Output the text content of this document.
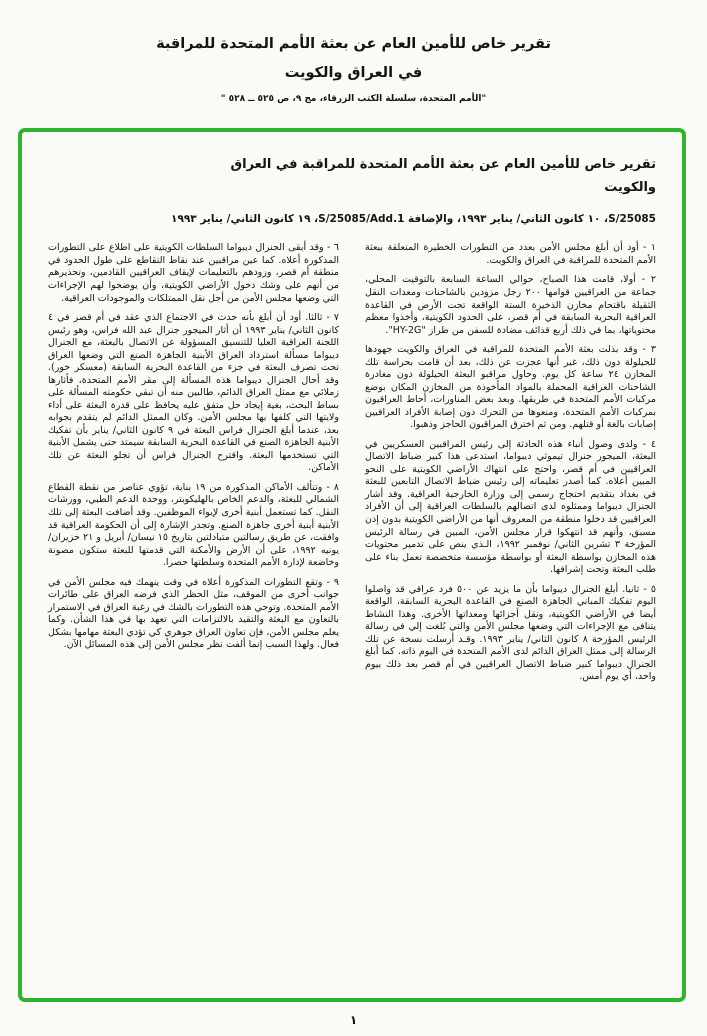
تقرير خاص للأمين العام عن بعثة الأمم المتحدة للمراقبة
في العراق والكويت
"الأمم المتحدة، سلسلة الكتب الزرقاء، مج ٩، ص ٥٢٥ ــ ٥٢٨ "
تقرير خاص للأمين العام عن بعثة الأمم المتحدة للمراقبة في العراق
والكويت
S/25085، ١٠ كانون الثاني/ يناير ١٩٩٣، والإضافة S/25085/Add.1، ١٩ كانون الثاني/ يناير ١٩٩٣

١ - أود أن أبلغ مجلس الأمن بعدد من التطورات الخطيرة المتعلقة ببعثة الأمم المتحدة للمراقبة في العراق والكويت.

٢ - أولا، قامت هذا الصباح، حوالي الساعة السابعة بالتوقيت المحلي، جماعة من العراقيين قوامها ٢٠٠ رجل مزودين بالشاحنات ومعدات النقل الثقيلة باقتحام مخازن الذخيرة الستة الواقعة تحت الأرض في القاعدة العراقية البحرية السابقة في أم قصر، على الحدود الكويتية، وأخذوا معظم محتوياتها، بما في ذلك أربع قذائف مضادة للسفن من طراز "HY-2G".

٣ - وقد بذلت بعثة الأمم المتحدة للمراقبة في العراق والكويت جهودها للحيلولة دون ذلك، غير أنها عجزت عن ذلك، بعد أن قامت بحراسة تلك المخازن ٢٤ ساعة كل يوم. وحاول مراقبو البعثة الحيلولة دون مغادرة الشاحنات العراقية المحملة بالمواد المأخوذة من المخازن المكان بوضع مركبات الأمم المتحدة في طريقها. وبعد بعض المناورات، أحاط العراقيون بمركبات الأمم المتحدة، ومنعوها من التحرك دون إصابة الأفراد العراقيين إصابات بالغة أو قتلهم. ومن ثم اخترق المراقبون الحاجز وذهبوا.

٤ - ولدى وصول أنباء هذه الحادثة إلى رئيس المراقبين العسكريين في البعثة، الميجور جنرال تيموثي ديبواما، استدعى هذا كبير ضباط الاتصال العراقيين في أم قصر، واحتج على انتهاك الأراضي الكويتية على النحو المبين أعلاه. كما أصدر تعليماته إلى رئيس ضباط الاتصال التابعين للبعثة في بغداد بتقديم احتجاج رسمي إلى وزارة الخارجية العراقية. وقد أشار الجنرال ديبواما وممثلوه لدى اتصالهم بالسلطات العراقية إلى أن الأفراد العراقيين قد دخلوا منطقة من المعروف أنها من الأراضي الكويتية بدون إذن مسبق، وأنهم قد انتهكوا قرار مجلس الأمن، المبين في رسالة الرئيس المؤرخة ٣ تشرين الثاني/ نوفمبر ١٩٩٢، الـذي ينص على تدمير محتويات هذه المخازن بواسطة البعثة أو بواسطة مؤسسة متخصصة تعمل بناء على طلب البعثة وتحت إشرافها.

٥ - ثانيا. أبلغ الجنرال ديبواما بأن ما يزيد عن ٥٠٠ فرد عراقي قد واصلوا اليوم تفكيك المباني الجاهزة الصنع في القاعدة البحرية السابقة، الواقعة أيضا في الأراضي الكويتية، ونقل أجزائها ومعداتها الأخرى. وهذا النشاط يتنافى مع الإجراءات التي وضعها مجلس الأمن والتي بُلغت إلي في رسالة الرئيس المؤرخة ٨ كانون الثاني/ يناير ١٩٩٣. وقـد أرسلت نسخة عن تلك الرسالة إلى ممثل العراق الدائم لدى الأمم المتحدة في اليوم ذاته. كما أبلغ الجنرال ديبواما كبير ضباط الاتصال العراقيين في أم قصر بعد ذلك بيوم واحد، أي يوم أمس.

٦ - وقد أبقى الجنرال ديبواما السلطات الكويتية على اطلاع على التطورات المذكورة أعلاه. كما عين مراقبين عند نقاط التقاطع على طول الحدود في منطقة أم قصر، وزودهم بالتعليمات لإيقاف العراقيين القادمين، وتحذيرهم من أنهم على وشك دخول الأراضي الكويتية، وأن يوضحوا لهم الإجراءات التي وضعها مجلس الأمن من أجل نقل الممتلكات والموجودات العراقية.

٧ - ثالثا. أود أن أبلغ بأنه حدث في الاجتماع الذي عقد في أم قصر في ٤ كانون الثاني/ يناير ١٩٩٣ أن أثار الميجور جنرال عبد الله فراس، وهو رئيس اللجنة العراقية العليا للتنسيق المسؤولة عن الاتصال بالبعثة، مع الجنرال ديبواما مسألة استرداد العراق الأبنية الجاهزة الصنع التي وضعها العراق تحت تصرف البعثة في جزء من القاعدة البحرية السابقة (معسكر خور). وقد أحال الجنرال ديبواما هذه المسألة إلى مقر الأمم المتحدة، فأثارها زملائي مع ممثل العراق الدائم، طالبين منه أن تبقي حكومته المسألة على بساط البحث، بغية إيجاد حل متفق عليه يحافظ على قدرة البعثة على أداء ولايتها التي كلفها بها مجلس الأمن. وكان الممثل الدائم لم يتقدم بجوابه بعد، عندما أبلغ الجنرال فراس البعثة في ٩ كانون الثاني/ يناير بأن تفكيك الأبنية الجاهزة الصنع في القاعدة البحرية السابقة سيمتد حتى يشمل الأبنية التي تستخدمها البعثة. واقترح الجنرال فراس أن تجلو البعثة عن تلك الأماكن.

٨ - وتتألف الأماكن المذكورة من ١٩ بناية، تؤوي عناصر من نقطة القطاع الشمالي للبعثة، والدعم الخاص بالهليكوبتر، ووحدة الدعم الطبي، وورشات النقل. كما تستعمل أبنية أخرى لإيواء الموظفين. وقد أضافت البعثة إلى تلك الأبنية أبنية أخرى جاهزة الصنع. وتجدر الإشارة إلى أن الحكومة العراقية قد وافقت، عن طريق رسالتين متبادلتين بتاريخ ١٥ نيسان/ أبريل و ٢١ حزيران/ يونيه ١٩٩٢، على أن الأرض والأمكنة التي قدمتها للبعثة ستكون مصونة وخاضعة لإدارة الأمم المتحدة وسلطتها حصرا.

٩ - وتقع التطورات المذكورة أعلاه في وقت ينهمك فيه مجلس الأمن في جوانب أخرى من الموقف، مثل الحظر الذي فرضه العراق على طائرات الأمم المتحدة. وتوحي هذه التطورات بالشك في رغبة العراق في الاستمرار بالتعاون مع البعثة والتقيد بالالتزامات التي تعهد بها في هذا الشأن. وكما يعلم مجلس الأمن، فإن تعاون العراق جوهري كي تؤدي البعثة مهامها بشكل فعال. ولهذا السبب إنما ألفت نظر مجلس الأمن إلى هذه المسائل الآن.

١
